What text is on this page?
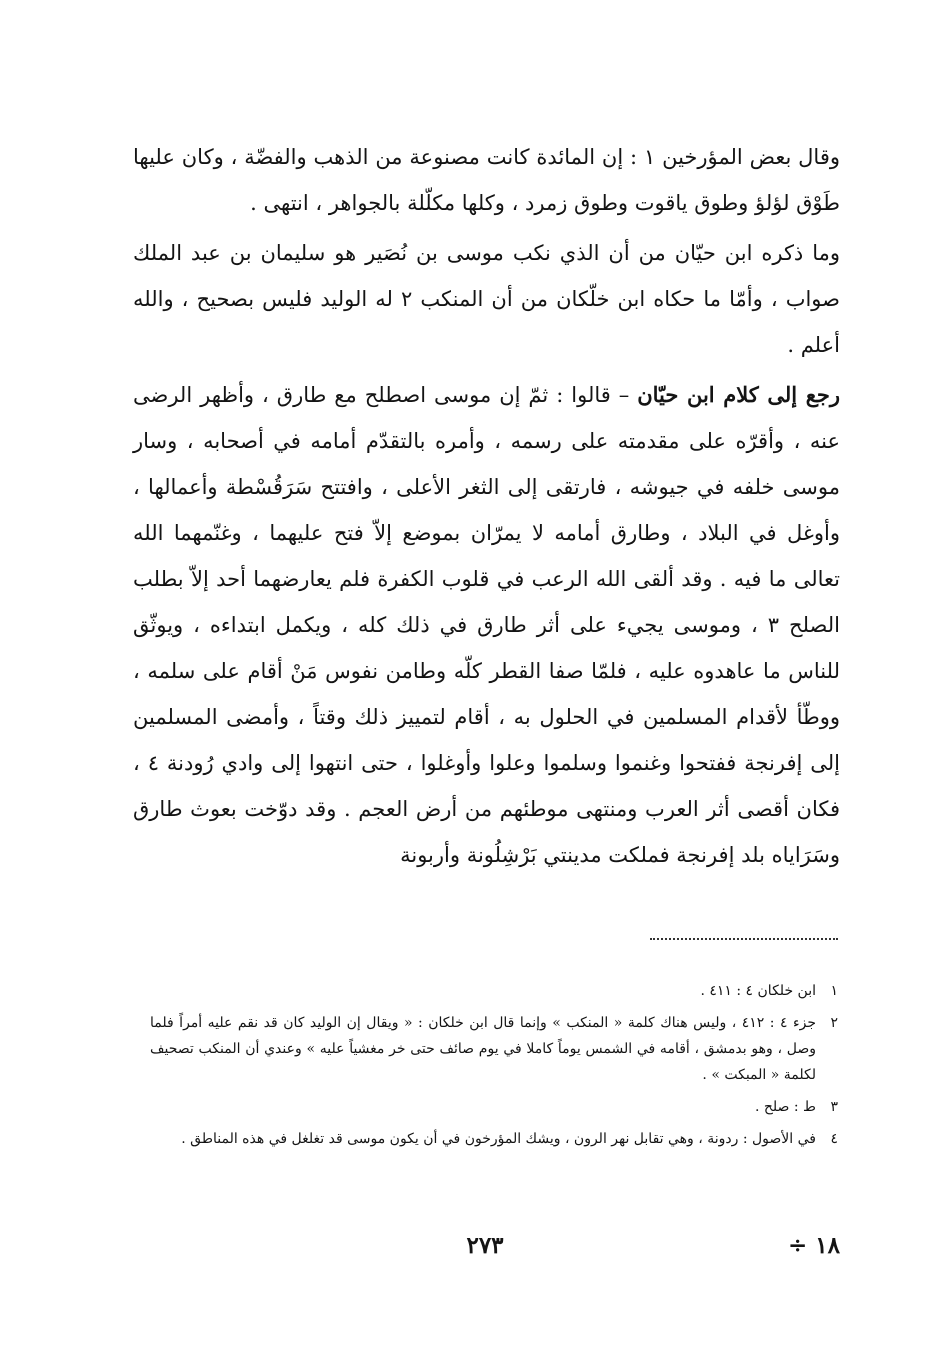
وقال بعض المؤرخين ١ : إن المائدة كانت مصنوعة من الذهب والفضّة ، وكان عليها طَوْق لؤلؤ وطوق ياقوت وطوق زمرد ، وكلها مكلّلة بالجواهر ، انتهى .

وما ذكره ابن حيّان من أن الذي نكب موسى بن نُصَير هو سليمان بن عبد الملك صواب ، وأمّا ما حكاه ابن خلّكان من أن المنكب ٢ له الوليد فليس بصحيح ، والله أعلم .

رجع إلى كلام ابن حيّان – قالوا : ثمّ إن موسى اصطلح مع طارق ، وأظهر الرضى عنه ، وأقرّه على مقدمته على رسمه ، وأمره بالتقدّم أمامه في أصحابه ، وسار موسى خلفه في جيوشه ، فارتقى إلى الثغر الأعلى ، وافتتح سَرَقُسْطة وأعمالها ، وأوغل في البلاد ، وطارق أمامه لا يمرّان بموضع إلاّ فتح عليهما ، وغنّمهما الله تعالى ما فيه . وقد ألقى الله الرعب في قلوب الكفرة فلم يعارضهما أحد إلاّ بطلب الصلح ٣ ، وموسى يجيء على أثر طارق في ذلك كله ، ويكمل ابتداءه ، ويوثّق للناس ما عاهدوه عليه ، فلمّا صفا القطر كلّه وطامن نفوس مَنْ أقام على سلمه ، ووطّأ لأقدام المسلمين في الحلول به ، أقام لتمييز ذلك وقتاً ، وأمضى المسلمين إلى إفرنجة ففتحوا وغنموا وسلموا وعلوا وأوغلوا ، حتى انتهوا إلى وادي رُودنة ٤ ، فكان أقصى أثر العرب ومنتهى موطئهم من أرض العجم . وقد دوّخت بعوث طارق وسَرَاياه بلد إفرنجة فملكت مدينتي بَرْشِلُونة وأربونة

١
ابن خلكان ٤ : ٤١١ .
٢
جزء ٤ : ٤١٢ ، وليس هناك كلمة « المنكب » وإنما قال ابن خلكان : « ويقال إن الوليد كان قد نقم عليه أمراً فلما وصل ، وهو بدمشق ، أقامه في الشمس يوماً كاملا في يوم صائف حتى خر مغشياً عليه » وعندي أن المنكب تصحيف لكلمة « المبكت » .
٣
ط : صلح .
٤
في الأصول : ردونة ، وهي تقابل نهر الرون ، ويشك المؤرخون في أن يكون موسى قد تغلغل في هذه المناطق .
٢٧٣	١٨ ÷
